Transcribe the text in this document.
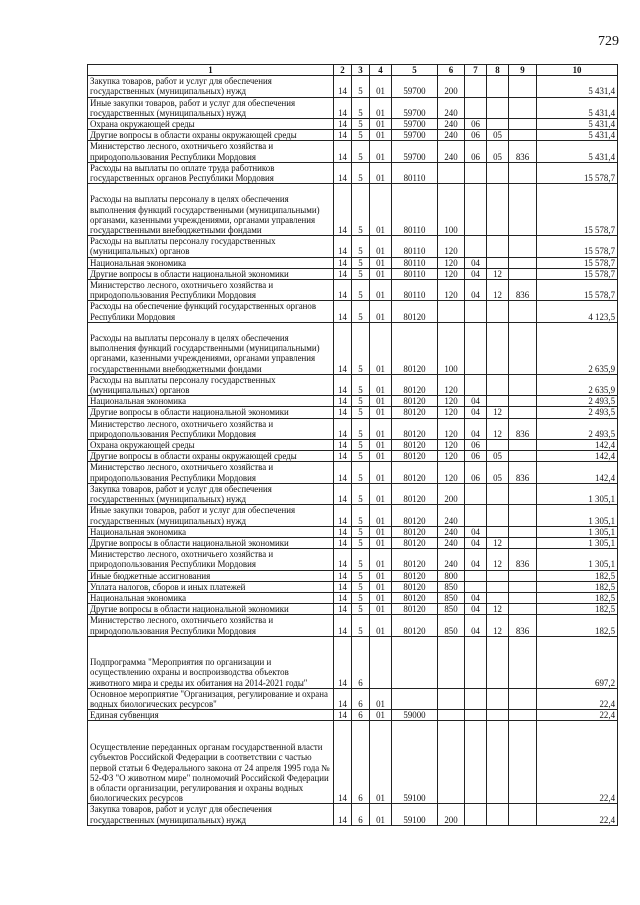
729
1	2	3	4	5	6	7	8	9	10
Закупка товаров, работ и услуг для обеспечения государственных (муниципальных) нужд	14	5	01	59700	200				5 431,4
Иные закупки товаров, работ и услуг для обеспечения государственных (муниципальных) нужд	14	5	01	59700	240				5 431,4
Охрана окружающей среды	14	5	01	59700	240	06			5 431,4
Другие вопросы в области охраны окружающей среды	14	5	01	59700	240	06	05		5 431,4
Министерство лесного, охотничьего хозяйства и природопользования Республики Мордовия	14	5	01	59700	240	06	05	836	5 431,4
Расходы на выплаты по оплате труда работников государственных органов Республики Мордовия	14	5	01	80110					15 578,7
Расходы на выплаты персоналу в целях обеспечения выполнения функций государственными (муниципальными) органами, казенными учреждениями, органами управления государственными внебюджетными фондами	14	5	01	80110	100				15 578,7
Расходы на выплаты персоналу государственных (муниципальных) органов	14	5	01	80110	120				15 578,7
Национальная экономика	14	5	01	80110	120	04			15 578,7
Другие вопросы в области национальной экономики	14	5	01	80110	120	04	12		15 578,7
Министерство лесного, охотничьего хозяйства и природопользования Республики Мордовия	14	5	01	80110	120	04	12	836	15 578,7
Расходы на обеспечение функций государственных органов Республики Мордовия	14	5	01	80120					4 123,5
Расходы на выплаты персоналу в целях обеспечения выполнения функций государственными (муниципальными) органами, казенными учреждениями, органами управления государственными внебюджетными фондами	14	5	01	80120	100				2 635,9
Расходы на выплаты персоналу государственных (муниципальных) органов	14	5	01	80120	120				2 635,9
Национальная экономика	14	5	01	80120	120	04			2 493,5
Другие вопросы в области национальной экономики	14	5	01	80120	120	04	12		2 493,5
Министерство лесного, охотничьего хозяйства и природопользования Республики Мордовия	14	5	01	80120	120	04	12	836	2 493,5
Охрана окружающей среды	14	5	01	80120	120	06			142,4
Другие вопросы в области охраны окружающей среды	14	5	01	80120	120	06	05		142,4
Министерство лесного, охотничьего хозяйства и природопользования Республики Мордовия	14	5	01	80120	120	06	05	836	142,4
Закупка товаров, работ и услуг для обеспечения государственных (муниципальных) нужд	14	5	01	80120	200				1 305,1
Иные закупки товаров, работ и услуг для обеспечения государственных (муниципальных) нужд	14	5	01	80120	240				1 305,1
Национальная экономика	14	5	01	80120	240	04			1 305,1
Другие вопросы в области национальной экономики	14	5	01	80120	240	04	12		1 305,1
Министерство лесного, охотничьего хозяйства и природопользования Республики Мордовия	14	5	01	80120	240	04	12	836	1 305,1
Иные бюджетные ассигнования	14	5	01	80120	800				182,5
Уплата налогов, сборов и иных платежей	14	5	01	80120	850				182,5
Национальная экономика	14	5	01	80120	850	04			182,5
Другие вопросы в области национальной экономики	14	5	01	80120	850	04	12		182,5
Министерство лесного, охотничьего хозяйства и природопользования Республики Мордовия	14	5	01	80120	850	04	12	836	182,5
Подпрограмма "Мероприятия по организации и осуществлению охраны и воспроизводства объектов животного мира и среды их обитания на 2014-2021 годы"	14	6							697,2
Основное мероприятие "Организация, регулирование и охрана водных биологических ресурсов"	14	6	01						22,4
Единая субвенция	14	6	01	59000					22,4
Осуществление переданных органам государственной власти субъектов Российской Федерации в соответствии с частью первой статьи 6 Федерального закона от 24 апреля 1995 года № 52-ФЗ "О животном мире" полномочий Российской Федерации в области организации, регулирования и охраны водных биологических ресурсов	14	6	01	59100					22,4
Закупка товаров, работ и услуг для обеспечения государственных (муниципальных) нужд	14	6	01	59100	200				22,4
